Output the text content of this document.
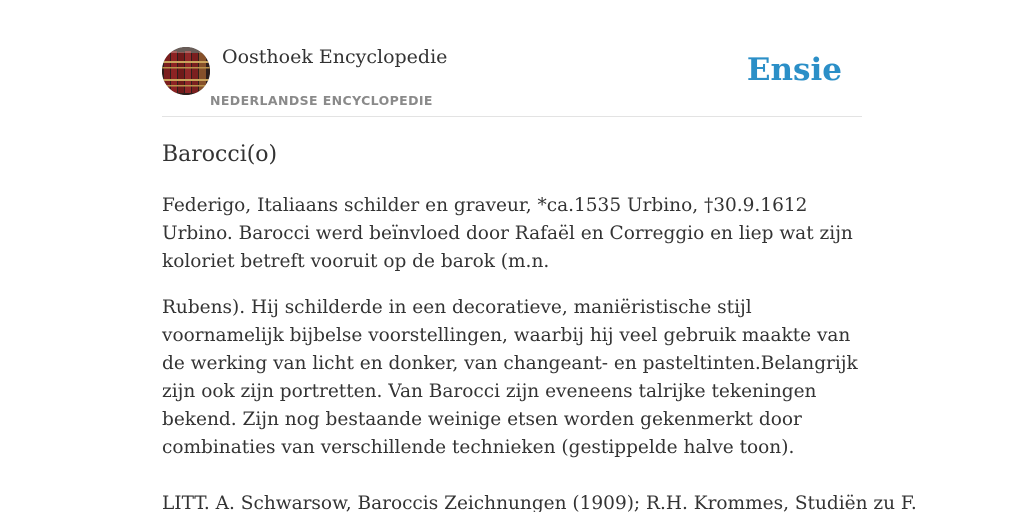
Oosthoek Encyclopedie
NEDERLANDSE ENCYCLOPEDIE
Ensie
Barocci(o)

Federigo, Italiaans schilder en graveur, *ca.1535 Urbino, †30.9.1612 Urbino. Barocci werd beïnvloed door Rafaël en Correggio en liep wat zijn koloriet betreft vooruit op de barok (m.n.

Rubens). Hij schilderde in een decoratieve, maniëristische stijl voornamelijk bijbelse voorstellingen, waarbij hij veel gebruik maakte van de werking van licht en donker, van changeant- en pasteltinten.Belangrijk zijn ook zijn portretten. Van Barocci zijn eveneens talrijke tekeningen bekend. Zijn nog bestaande weinige etsen worden gekenmerkt door combinaties van verschillende technieken (gestippelde halve toon).

LITT. A. Schwarsow, Baroccis Zeichnungen (1909); R.H. Krommes, Studiën zu F.
